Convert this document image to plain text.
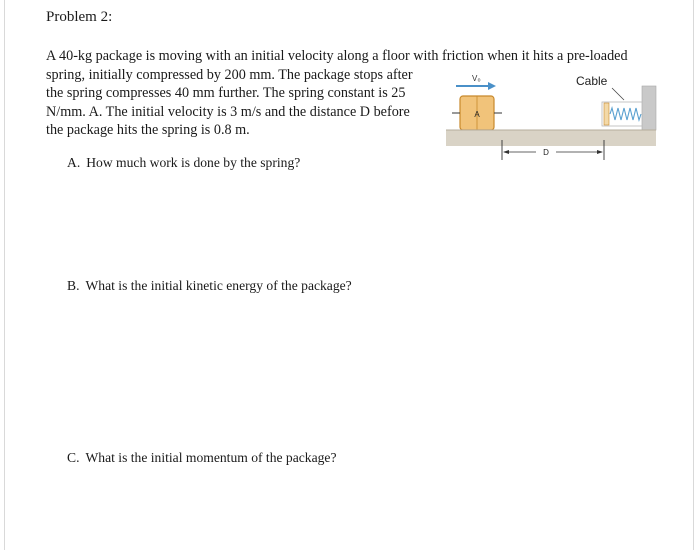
Problem 2:
A 40-kg package is moving with an initial velocity along a floor with friction when it hits a pre-loaded
spring, initially compressed by 200 mm. The package stops after
the spring compresses 40 mm further. The spring constant is 25
N/mm. A. The initial velocity is 3 m/s and the distance D before
the package hits the spring is 0.8 m.
V₀	Cable
A
D
A. How much work is done by the spring?
B. What is the initial kinetic energy of the package?
C. What is the initial momentum of the package?
